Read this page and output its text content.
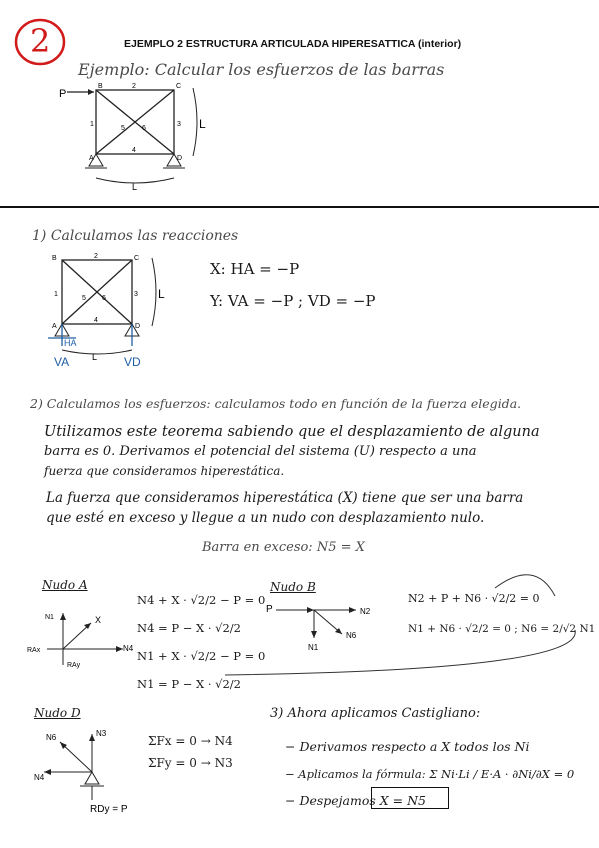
2	EJEMPLO 2 ESTRUCTURA ARTICULADA HIPERESATTICA (interior)
Ejemplo: Calcular los esfuerzos de las barras
P
B	C
A	D
1
2
3
4
5 6	L
L
1) Calculamos las reacciones
B	C
A	D
1
2
3
4
5 6	L
L
HA
VA	VD
X: HA = −P
Y: VA = −P ; VD = −P
2) Calculamos los esfuerzos: calculamos todo en función de la fuerza elegida.
Utilizamos este teorema sabiendo que el desplazamiento de alguna
barra es 0. Derivamos el potencial del sistema (U) respecto a una
fuerza que consideramos hiperestática.
La fuerza que consideramos hiperestática (X) tiene que ser una barra
que esté en exceso y llegue a un nudo con desplazamiento nulo.
Barra en exceso: N5 = X
Nudo A
RAx
RAy
N1
N4
X
N4 + X · √2/2 − P = 0
N4 = P − X · √2/2
N1 + X · √2/2 − P = 0
N1 = P − X · √2/2
Nudo B
P	N2
N6
N1
N2 + P + N6 · √2/2 = 0
N1 + N6 · √2/2 = 0 ; N6 = 2/√2 N1
Nudo D
N3
N6
N4
RDy = P
ΣFx = 0 → N4
ΣFy = 0 → N3
3) Ahora aplicamos Castigliano:
− Derivamos respecto a X todos los Ni
− Aplicamos la fórmula: Σ Ni·Li / E·A · ∂Ni/∂X = 0
− Despejamos X = N5
